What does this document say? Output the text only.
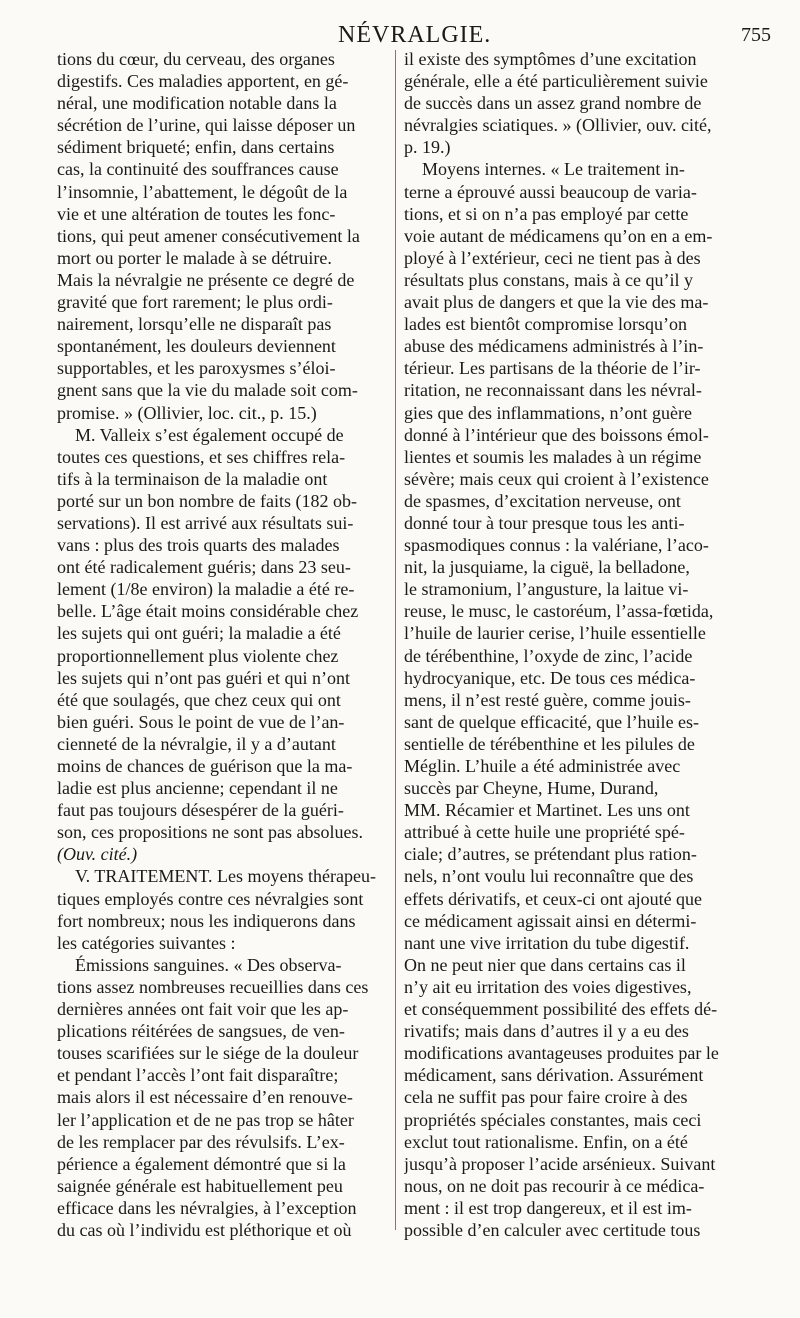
NÉVRALGIE.	755
tions du cœur, du cerveau, des organes
digestifs. Ces maladies apportent, en gé-
néral, une modification notable dans la
sécrétion de l’urine, qui laisse déposer un
sédiment briqueté; enfin, dans certains
cas, la continuité des souffrances cause
l’insomnie, l’abattement, le dégoût de la
vie et une altération de toutes les fonc-
tions, qui peut amener consécutivement la
mort ou porter le malade à se détruire.
Mais la névralgie ne présente ce degré de
gravité que fort rarement; le plus ordi-
nairement, lorsqu’elle ne disparaît pas
spontanément, les douleurs deviennent
supportables, et les paroxysmes s’éloi-
gnent sans que la vie du malade soit com-
promise. » (Ollivier, loc. cit., p. 15.)
M. Valleix s’est également occupé de
toutes ces questions, et ses chiffres rela-
tifs à la terminaison de la maladie ont
porté sur un bon nombre de faits (182 ob-
servations). Il est arrivé aux résultats sui-
vans : plus des trois quarts des malades
ont été radicalement guéris; dans 23 seu-
lement (1/8e environ) la maladie a été re-
belle. L’âge était moins considérable chez
les sujets qui ont guéri; la maladie a été
proportionnellement plus violente chez
les sujets qui n’ont pas guéri et qui n’ont
été que soulagés, que chez ceux qui ont
bien guéri. Sous le point de vue de l’an-
cienneté de la névralgie, il y a d’autant
moins de chances de guérison que la ma-
ladie est plus ancienne; cependant il ne
faut pas toujours désespérer de la guéri-
son, ces propositions ne sont pas absolues.
(Ouv. cité.)
V. TRAITEMENT. Les moyens thérapeu-
tiques employés contre ces névralgies sont
fort nombreux; nous les indiquerons dans
les catégories suivantes :
Émissions sanguines. « Des observa-
tions assez nombreuses recueillies dans ces
dernières années ont fait voir que les ap-
plications réitérées de sangsues, de ven-
touses scarifiées sur le siége de la douleur
et pendant l’accès l’ont fait disparaître;
mais alors il est nécessaire d’en renouve-
ler l’application et de ne pas trop se hâter
de les remplacer par des révulsifs. L’ex-
périence a également démontré que si la
saignée générale est habituellement peu
efficace dans les névralgies, à l’exception
du cas où l’individu est pléthorique et où
il existe des symptômes d’une excitation
générale, elle a été particulièrement suivie
de succès dans un assez grand nombre de
névralgies sciatiques. » (Ollivier, ouv. cité,
p. 19.)
Moyens internes. « Le traitement in-
terne a éprouvé aussi beaucoup de varia-
tions, et si on n’a pas employé par cette
voie autant de médicamens qu’on en a em-
ployé à l’extérieur, ceci ne tient pas à des
résultats plus constans, mais à ce qu’il y
avait plus de dangers et que la vie des ma-
lades est bientôt compromise lorsqu’on
abuse des médicamens administrés à l’in-
térieur. Les partisans de la théorie de l’ir-
ritation, ne reconnaissant dans les névral-
gies que des inflammations, n’ont guère
donné à l’intérieur que des boissons émol-
lientes et soumis les malades à un régime
sévère; mais ceux qui croient à l’existence
de spasmes, d’excitation nerveuse, ont
donné tour à tour presque tous les anti-
spasmodiques connus : la valériane, l’aco-
nit, la jusquiame, la ciguë, la belladone,
le stramonium, l’angusture, la laitue vi-
reuse, le musc, le castoréum, l’assa-fœtida,
l’huile de laurier cerise, l’huile essentielle
de térébenthine, l’oxyde de zinc, l’acide
hydrocyanique, etc. De tous ces médica-
mens, il n’est resté guère, comme jouis-
sant de quelque efficacité, que l’huile es-
sentielle de térébenthine et les pilules de
Méglin. L’huile a été administrée avec
succès par Cheyne, Hume, Durand,
MM. Récamier et Martinet. Les uns ont
attribué à cette huile une propriété spé-
ciale; d’autres, se prétendant plus ration-
nels, n’ont voulu lui reconnaître que des
effets dérivatifs, et ceux-ci ont ajouté que
ce médicament agissait ainsi en détermi-
nant une vive irritation du tube digestif.
On ne peut nier que dans certains cas il
n’y ait eu irritation des voies digestives,
et conséquemment possibilité des effets dé-
rivatifs; mais dans d’autres il y a eu des
modifications avantageuses produites par le
médicament, sans dérivation. Assurément
cela ne suffit pas pour faire croire à des
propriétés spéciales constantes, mais ceci
exclut tout rationalisme. Enfin, on a été
jusqu’à proposer l’acide arsénieux. Suivant
nous, on ne doit pas recourir à ce médica-
ment : il est trop dangereux, et il est im-
possible d’en calculer avec certitude tous
